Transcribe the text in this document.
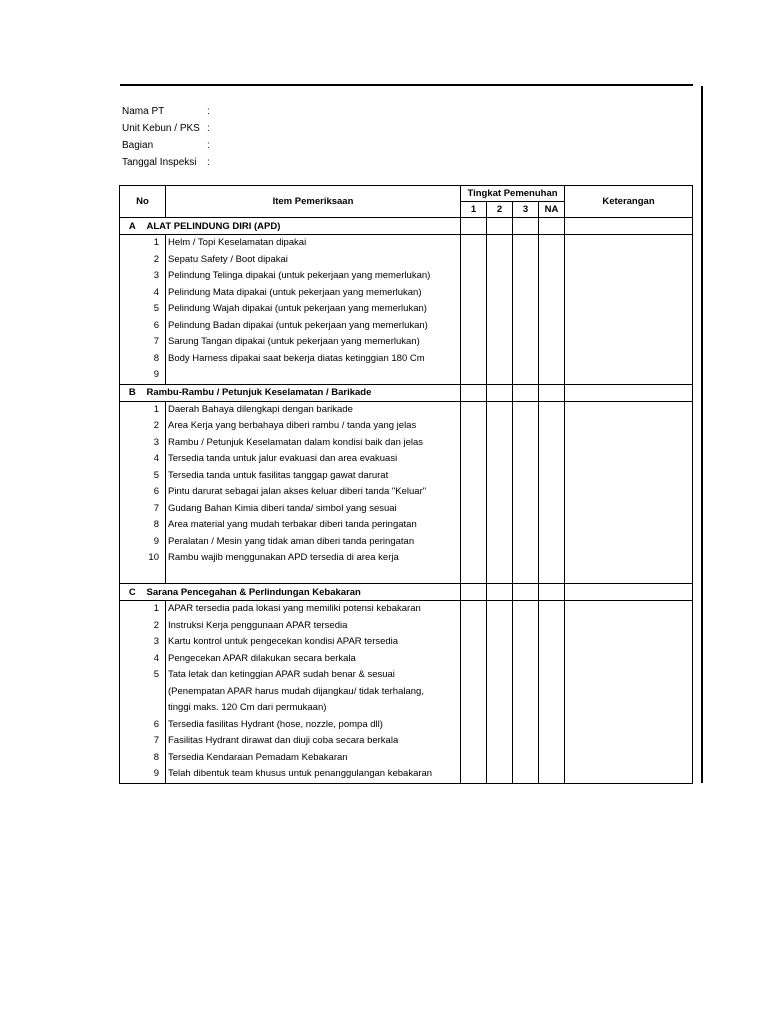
Nama PT	:
Unit Kebun / PKS :
Bagian	:
Tanggal Inspeksi	:
No		Item Pemeriksaan	Tingkat Pemenuhan				Keterangan
			1	2	3	NA	
A	ALAT PELINDUNG DIRI (APD)						
	1	Helm / Topi Keselamatan dipakai					
	2	Sepatu Safety / Boot dipakai					
	3	Pelindung Telinga dipakai (untuk pekerjaan yang memerlukan)					
	4	Pelindung Mata dipakai (untuk pekerjaan yang memerlukan)					
	5	Pelindung Wajah dipakai (untuk pekerjaan yang memerlukan)					
	6	Pelindung Badan dipakai (untuk pekerjaan yang memerlukan)					
	7	Sarung Tangan dipakai (untuk pekerjaan yang memerlukan)					
	8	Body Harness dipakai saat bekerja diatas ketinggian 180 Cm					
	9						
B	Rambu-Rambu / Petunjuk Keselamatan / Barikade						
	1	Daerah Bahaya dilengkapi dengan barikade					
	2	Area Kerja yang berbahaya diberi rambu / tanda yang jelas					
	3	Rambu / Petunjuk Keselamatan dalam kondisi baik dan jelas					
	4	Tersedia tanda untuk jalur evakuasi dan area evakuasi					
	5	Tersedia tanda untuk fasilitas tanggap gawat darurat					
	6	Pintu darurat sebagai jalan akses keluar diberi tanda "Keluar"					
	7	Gudang Bahan Kimia diberi tanda/ simbol yang sesuai					
	8	Area material yang mudah terbakar diberi tanda peringatan					
	9	Peralatan / Mesin yang tidak aman diberi tanda peringatan					
	10	Rambu wajib menggunakan APD tersedia di area kerja					

C	Sarana Pencegahan & Perlindungan Kebakaran						
	1	APAR tersedia pada lokasi yang memiliki potensi kebakaran					
	2	Instruksi Kerja penggunaan APAR tersedia					
	3	Kartu kontrol untuk pengecekan kondisi APAR tersedia					
	4	Pengecekan APAR dilakukan secara berkala					
	5	Tata letak dan ketinggian APAR sudah benar & sesuai					
		(Penempatan APAR harus mudah dijangkau/ tidak terhalang,					
		tinggi maks. 120 Cm dari permukaan)					
	6	Tersedia fasilitas Hydrant (hose, nozzle, pompa dll)					
	7	Fasilitas Hydrant dirawat dan diuji coba secara berkala					
	8	Tersedia Kendaraan Pemadam Kebakaran					
	9	Telah dibentuk team khusus untuk penanggulangan kebakaran					
